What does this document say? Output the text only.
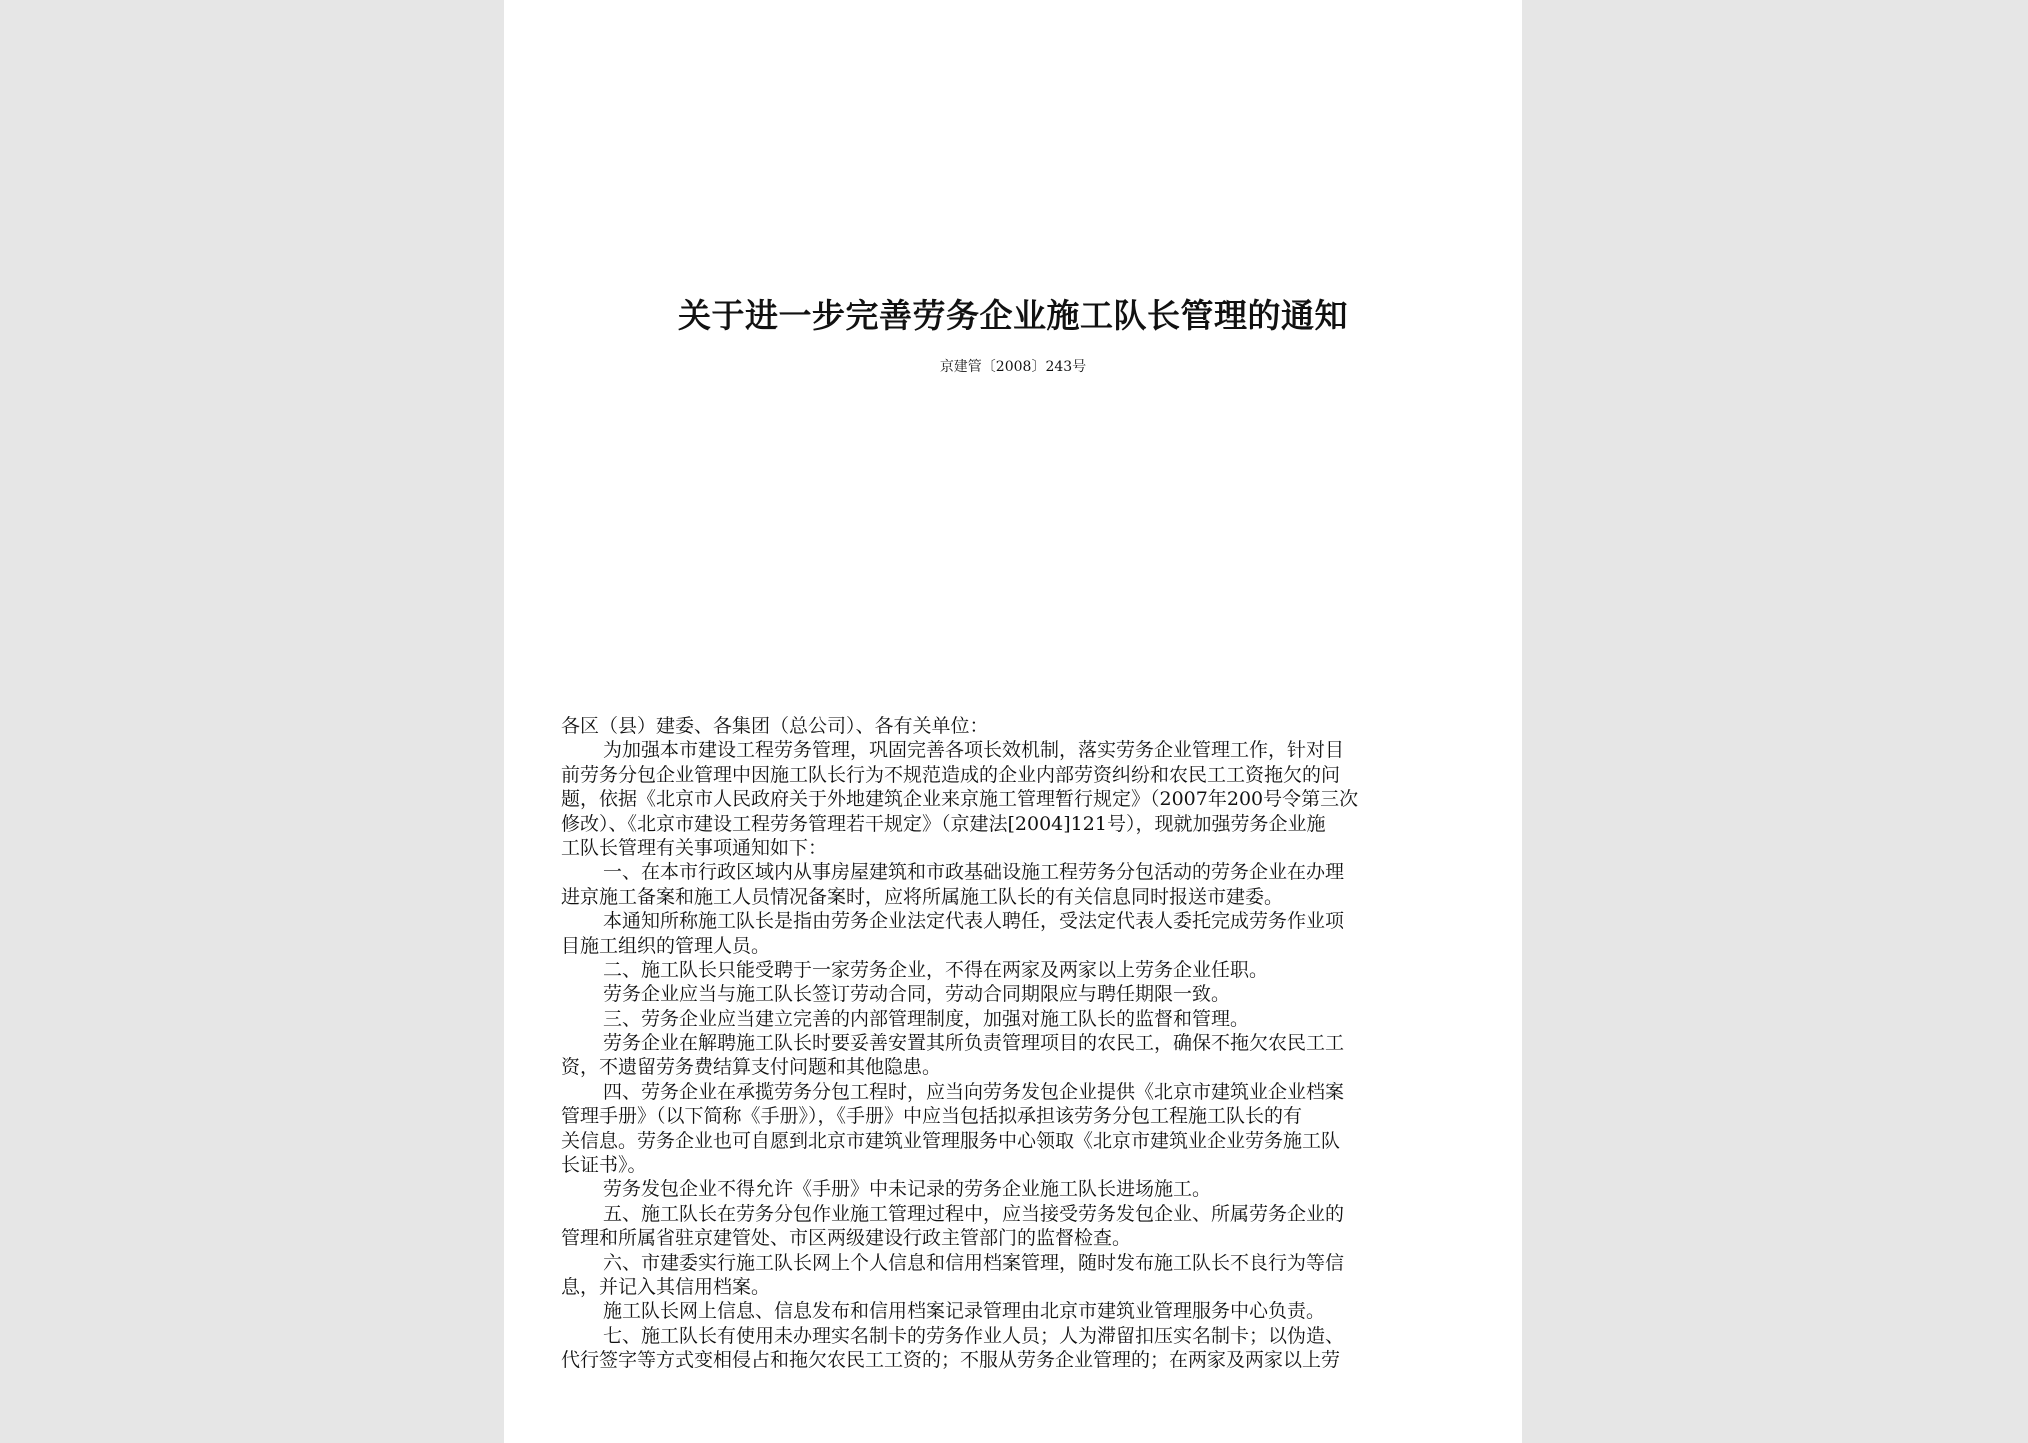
关于进一步完善劳务企业施工队长管理的通知
京建管〔2008〕243号
各区（县）建委、各集团（总公司）、各有关单位：
为加强本市建设工程劳务管理，巩固完善各项长效机制，落实劳务企业管理工作，针对目
前劳务分包企业管理中因施工队长行为不规范造成的企业内部劳资纠纷和农民工工资拖欠的问
题，依据《北京市人民政府关于外地建筑企业来京施工管理暂行规定》（2007年200号令第三次
修改）、《北京市建设工程劳务管理若干规定》（京建法[2004]121号），现就加强劳务企业施
工队长管理有关事项通知如下：
一、在本市行政区域内从事房屋建筑和市政基础设施工程劳务分包活动的劳务企业在办理
进京施工备案和施工人员情况备案时，应将所属施工队长的有关信息同时报送市建委。
本通知所称施工队长是指由劳务企业法定代表人聘任，受法定代表人委托完成劳务作业项
目施工组织的管理人员。
二、施工队长只能受聘于一家劳务企业，不得在两家及两家以上劳务企业任职。
劳务企业应当与施工队长签订劳动合同，劳动合同期限应与聘任期限一致。
三、劳务企业应当建立完善的内部管理制度，加强对施工队长的监督和管理。
劳务企业在解聘施工队长时要妥善安置其所负责管理项目的农民工，确保不拖欠农民工工
资，不遗留劳务费结算支付问题和其他隐患。
四、劳务企业在承揽劳务分包工程时，应当向劳务发包企业提供《北京市建筑业企业档案
管理手册》（以下简称《手册》），《手册》中应当包括拟承担该劳务分包工程施工队长的有
关信息。劳务企业也可自愿到北京市建筑业管理服务中心领取《北京市建筑业企业劳务施工队
长证书》。
劳务发包企业不得允许《手册》中未记录的劳务企业施工队长进场施工。
五、施工队长在劳务分包作业施工管理过程中，应当接受劳务发包企业、所属劳务企业的
管理和所属省驻京建管处、市区两级建设行政主管部门的监督检查。
六、市建委实行施工队长网上个人信息和信用档案管理，随时发布施工队长不良行为等信
息，并记入其信用档案。
施工队长网上信息、信息发布和信用档案记录管理由北京市建筑业管理服务中心负责。
七、施工队长有使用未办理实名制卡的劳务作业人员；人为滞留扣压实名制卡；以伪造、
代行签字等方式变相侵占和拖欠农民工工资的；不服从劳务企业管理的；在两家及两家以上劳
